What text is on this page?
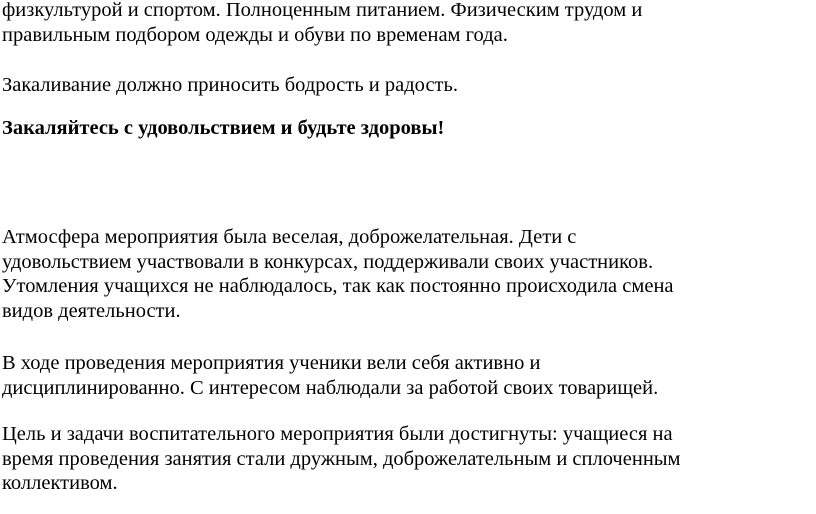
физкультурой и спортом. Полноценным питанием. Физическим трудом и
правильным подбором одежды и обуви по временам года.

Закаливание должно приносить бодрость и радость.

Закаляйтесь с удовольствием и будьте здоровы!

Атмосфера мероприятия была веселая, доброжелательная. Дети с
удовольствием участвовали в конкурсах, поддерживали своих участников.
Утомления учащихся не наблюдалось, так как постоянно происходила смена
видов деятельности.

В ходе проведения мероприятия ученики вели себя активно и
дисциплинированно. С интересом наблюдали за работой своих товарищей.

Цель и задачи воспитательного мероприятия были достигнуты: учащиеся на
время проведения занятия стали дружным, доброжелательным и сплоченным
коллективом.
